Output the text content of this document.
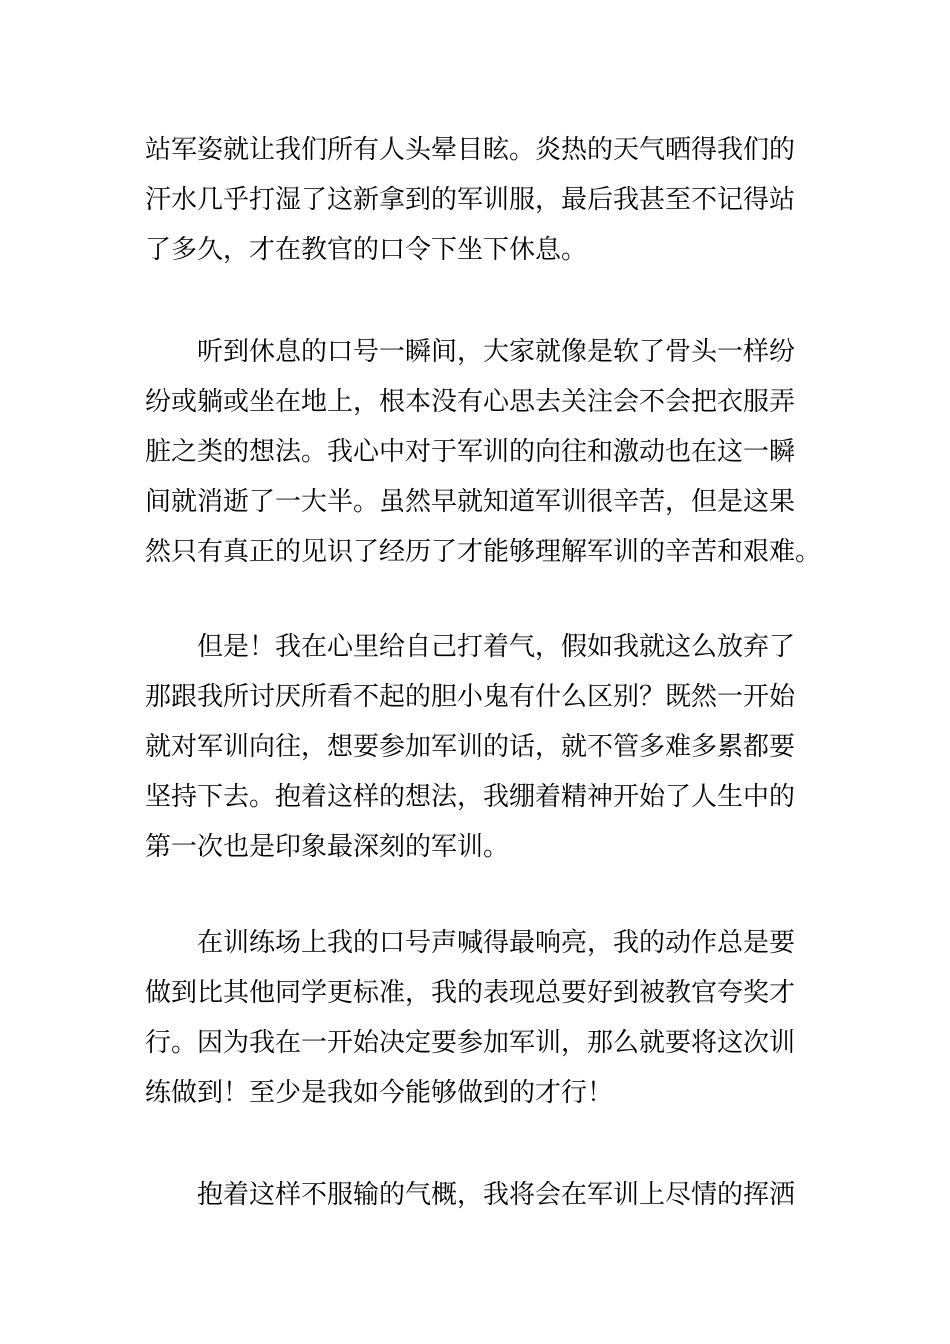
站军姿就让我们所有人头晕目眩。炎热的天气晒得我们的
汗水几乎打湿了这新拿到的军训服，最后我甚至不记得站
了多久，才在教官的口令下坐下休息。
听到休息的口号一瞬间，大家就像是软了骨头一样纷
纷或躺或坐在地上，根本没有心思去关注会不会把衣服弄
脏之类的想法。我心中对于军训的向往和激动也在这一瞬
间就消逝了一大半。虽然早就知道军训很辛苦，但是这果
然只有真正的见识了经历了才能够理解军训的辛苦和艰难。
但是！我在心里给自己打着气，假如我就这么放弃了
那跟我所讨厌所看不起的胆小鬼有什么区别？既然一开始
就对军训向往，想要参加军训的话，就不管多难多累都要
坚持下去。抱着这样的想法，我绷着精神开始了人生中的
第一次也是印象最深刻的军训。
在训练场上我的口号声喊得最响亮，我的动作总是要
做到比其他同学更标准，我的表现总要好到被教官夸奖才
行。因为我在一开始决定要参加军训，那么就要将这次训
练做到！至少是我如今能够做到的才行！
抱着这样不服输的气概，我将会在军训上尽情的挥洒
